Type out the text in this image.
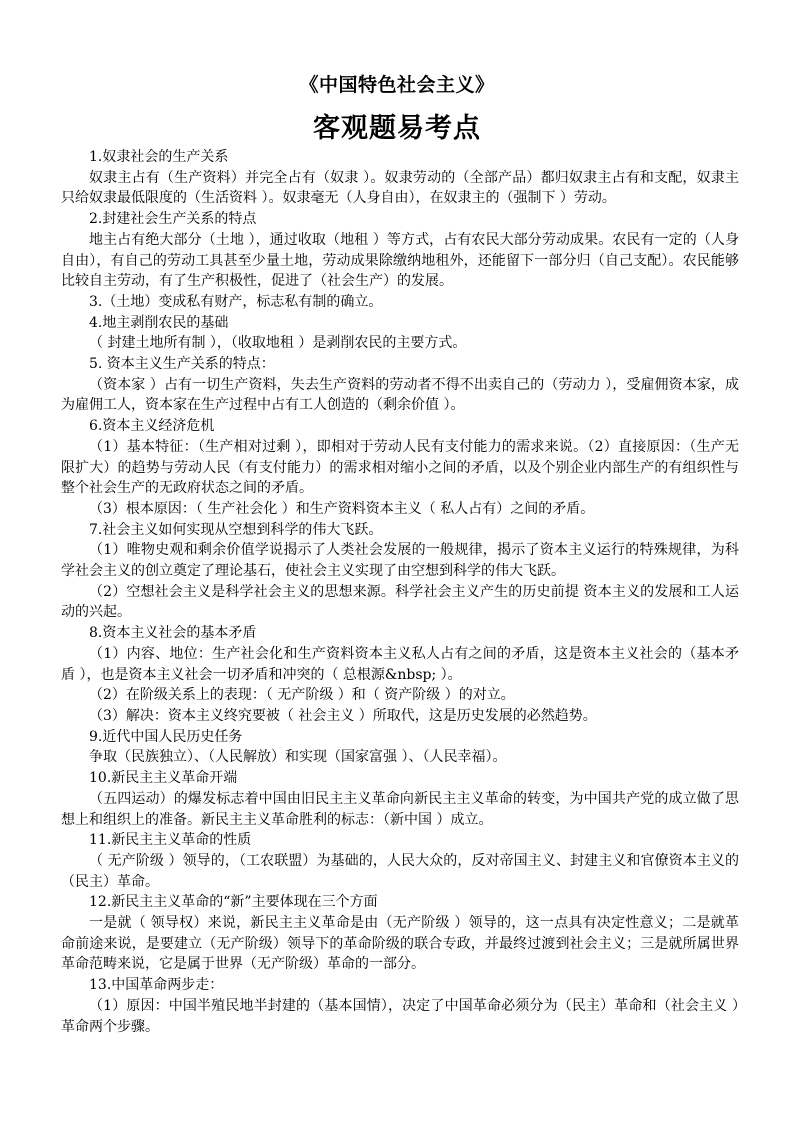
《中国特色社会主义》
客观题易考点
1.奴隶社会的生产关系
奴隶主占有（生产资料）并完全占有（奴隶 ）。奴隶劳动的（全部产品）都归奴隶主占有和支配，奴隶主只给奴隶最低限度的（生活资料 ）。奴隶毫无（人身自由），在奴隶主的（强制下 ）劳动。
2.封建社会生产关系的特点
地主占有绝大部分（土地 ），通过收取（地租 ）等方式，占有农民大部分劳动成果。农民有一定的（人身自由），有自己的劳动工具甚至少量土地，劳动成果除缴纳地租外，还能留下一部分归（自己支配）。农民能够比较自主劳动，有了生产积极性，促进了（社会生产）的发展。
3.（土地）变成私有财产，标志私有制的确立。
4.地主剥削农民的基础
（ 封建土地所有制 ），（收取地租 ）是剥削农民的主要方式。
5. 资本主义生产关系的特点：
（资本家 ）占有一切生产资料，失去生产资料的劳动者不得不出卖自己的（劳动力 ），受雇佣资本家，成为雇佣工人，资本家在生产过程中占有工人创造的（剩余价值 ）。
6.资本主义经济危机
（1）基本特征：（生产相对过剩 ），即相对于劳动人民有支付能力的需求来说。（2）直接原因：（生产无限扩大）的趋势与劳动人民（有支付能力）的需求相对缩小之间的矛盾，以及个别企业内部生产的有组织性与整个社会生产的无政府状态之间的矛盾。
（3）根本原因：（ 生产社会化 ）和生产资料资本主义（ 私人占有）之间的矛盾。
7.社会主义如何实现从空想到科学的伟大飞跃。
（1）唯物史观和剩余价值学说揭示了人类社会发展的一般规律，揭示了资本主义运行的特殊规律，为科学社会主义的创立奠定了理论基石，使社会主义实现了由空想到科学的伟大飞跃。
（2）空想社会主义是科学社会主义的思想来源。科学社会主义产生的历史前提 资本主义的发展和工人运动的兴起。
8.资本主义社会的基本矛盾
（1）内容、地位：生产社会化和生产资料资本主义私人占有之间的矛盾，这是资本主义社会的（基本矛盾 ），也是资本主义社会一切矛盾和冲突的（ 总根源&nbsp; ）。
（2）在阶级关系上的表现：（ 无产阶级 ）和（ 资产阶级 ）的对立。
（3）解决：资本主义终究要被（ 社会主义 ）所取代，这是历史发展的必然趋势。
9.近代中国人民历史任务
争取（民族独立）、（人民解放）和实现（国家富强 ）、（人民幸福）。
10.新民主主义革命开端
（五四运动）的爆发标志着中国由旧民主主义革命向新民主主义革命的转变，为中国共产党的成立做了思想上和组织上的准备。新民主主义革命胜利的标志：（新中国 ）成立。
11.新民主主义革命的性质
（ 无产阶级 ）领导的，（工农联盟）为基础的，人民大众的，反对帝国主义、封建主义和官僚资本主义的（民主）革命。
12.新民主主义革命的“新”主要体现在三个方面
一是就（ 领导权）来说，新民主主义革命是由（无产阶级 ）领导的，这一点具有决定性意义；二是就革命前途来说，是要建立（无产阶级）领导下的革命阶级的联合专政，并最终过渡到社会主义；三是就所属世界革命范畴来说，它是属于世界（无产阶级）革命的一部分。
13.中国革命两步走：
（1）原因：中国半殖民地半封建的（基本国情），决定了中国革命必须分为（民主）革命和（社会主义 ）革命两个步骤。
